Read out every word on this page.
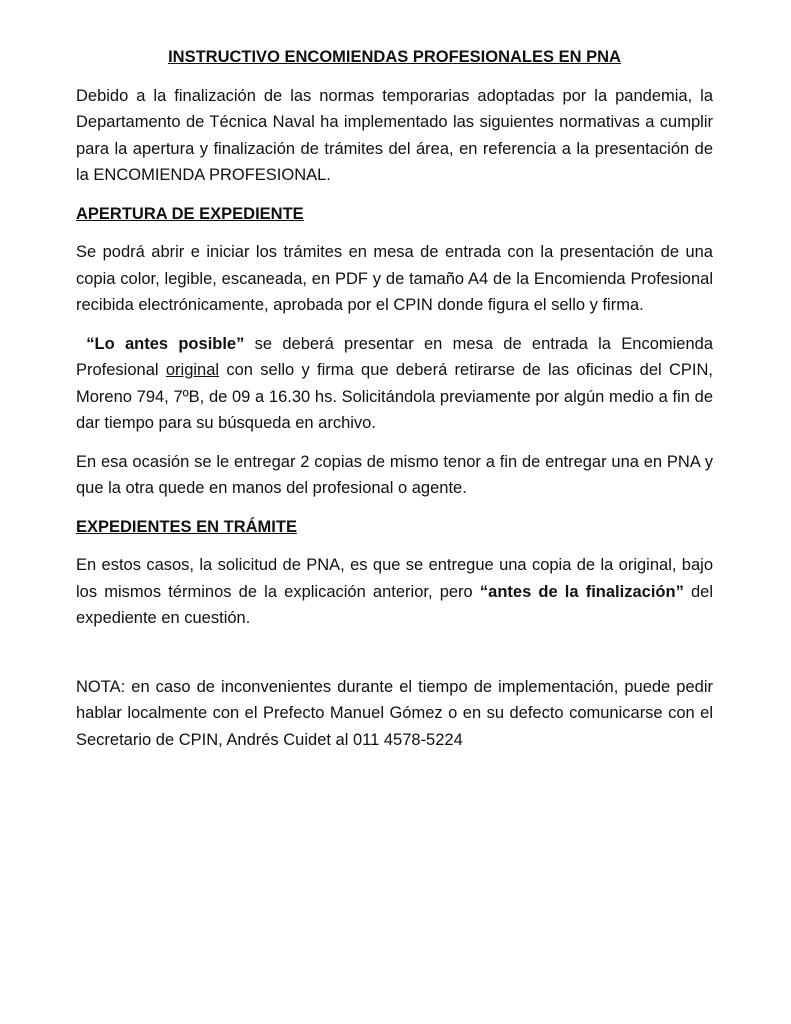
INSTRUCTIVO ENCOMIENDAS PROFESIONALES EN PNA

Debido a la finalización de las normas temporarias adoptadas por la pandemia, la Departamento de Técnica Naval ha implementado las siguientes normativas a cumplir para la apertura y finalización de trámites del área, en referencia a la presentación de la ENCOMIENDA PROFESIONAL.

APERTURA DE EXPEDIENTE

Se podrá abrir e iniciar los trámites en mesa de entrada con la presentación de una copia color, legible, escaneada, en PDF y de tamaño A4 de la Encomienda Profesional recibida electrónicamente, aprobada por el CPIN donde figura el sello y firma.

“Lo antes posible” se deberá presentar en mesa de entrada la Encomienda Profesional original con sello y firma que deberá retirarse de las oficinas del CPIN, Moreno 794, 7ºB, de 09 a 16.30 hs. Solicitándola previamente por algún medio a fin de dar tiempo para su búsqueda en archivo.

En esa ocasión se le entregar 2 copias de mismo tenor a fin de entregar una en PNA y que la otra quede en manos del profesional o agente.

EXPEDIENTES EN TRÁMITE

En estos casos, la solicitud de PNA, es que se entregue una copia de la original, bajo los mismos términos de la explicación anterior, pero “antes de la finalización” del expediente en cuestión.

NOTA: en caso de inconvenientes durante el tiempo de implementación, puede pedir hablar localmente con el Prefecto Manuel Gómez o en su defecto comunicarse con el Secretario de CPIN, Andrés Cuidet al 011 4578-5224
